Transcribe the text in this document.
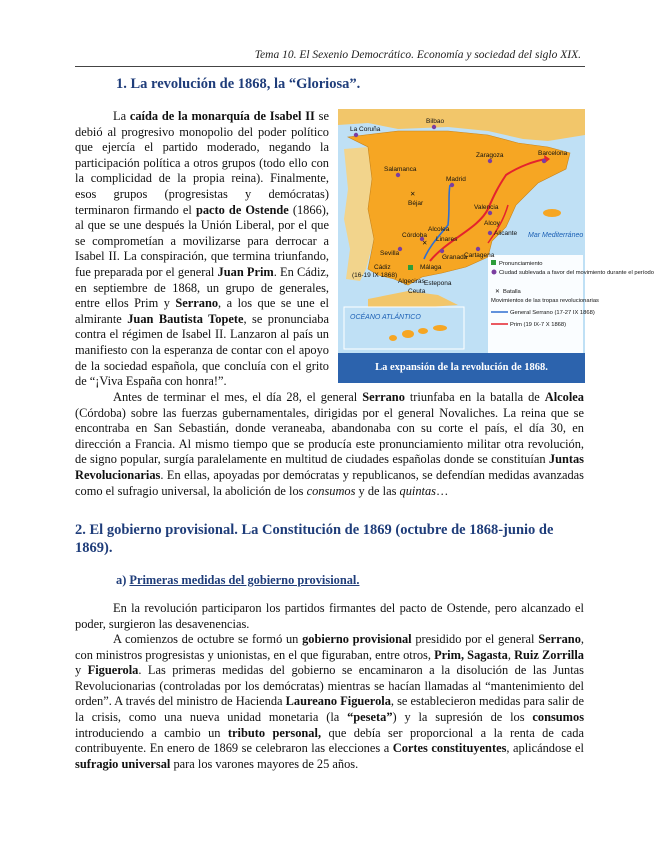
Tema 10. El Sexenio Democrático. Economía y sociedad del siglo XIX.
1. La revolución de 1868, la “Gloriosa”.
La caída de la monarquía de Isabel II se debió al progresivo monopolio del poder político que ejercía el partido moderado, negando la participación política a otros grupos (todo ello con la complicidad de la propia reina). Finalmente, esos grupos (progresistas y demócratas) terminaron firmando el pacto de Ostende (1866), al que se une después la Unión Liberal, por el que se comprometían a movilizarse para derrocar a Isabel II. La conspiración, que termina triunfando, fue preparada por el general Juan Prim. En Cádiz, en septiembre de 1868, un grupo de generales, entre ellos Prim y Serrano, a los que se une el almirante Juan Bautista Topete, se pronunciaba contra el régimen de Isabel II. Lanzaron al país un manifiesto con la esperanza de contar con el apoyo de la sociedad española, que concluía con el grito de “¡Viva España con honra!”.
Pronunciamiento
Ciudad sublevada a favor del movimiento durante el período
✕ Batalla
Movimientos de las tropas revolucionarias
General Serrano (17-27 IX 1868)
Prim (19 IX-7 X 1868)
✕
✕
La Coruña
Bilbao
Zaragoza	Barcelona
Salamanca
Madrid
Béjar
Valencia
Alcoy
Alicante
Alcolea
Córdoba
Sevilla
Linares
Granada
Cartagena
Cádiz	Málaga
Algeciras
Ceuta
Estepona
(16-19 IX 1868)
OCÉANO ATLÁNTICO
Mar Mediterráneo
La expansión de la revolución de 1868.
Antes de terminar el mes, el día 28, el general Serrano triunfaba en la batalla de Alcolea (Córdoba) sobre las fuerzas gubernamentales, dirigidas por el general Novaliches. La reina que se encontraba en San Sebastián, donde veraneaba, abandonaba con su corte el país, el día 30, en dirección a Francia. Al mismo tiempo que se producía este pronunciamiento militar otra revolución, de signo popular, surgía paralelamente en multitud de ciudades españolas donde se constituían Juntas Revolucionarias. En ellas, apoyadas por demócratas y republicanos, se defendían medidas avanzadas como el sufragio universal, la abolición de los consumos y de las quintas…
2. El gobierno provisional. La Constitución de 1869 (octubre de 1868-junio de 1869).
a) Primeras medidas del gobierno provisional.
En la revolución participaron los partidos firmantes del pacto de Ostende, pero alcanzado el poder, surgieron las desavenencias.
A comienzos de octubre se formó un gobierno provisional presidido por el general Serrano, con ministros progresistas y unionistas, en el que figuraban, entre otros, Prim, Sagasta, Ruiz Zorrilla y Figuerola. Las primeras medidas del gobierno se encaminaron a la disolución de las Juntas Revolucionarias (controladas por los demócratas) mientras se hacían llamadas al “mantenimiento del orden”. A través del ministro de Hacienda Laureano Figuerola, se establecieron medidas para salir de la crisis, como una nueva unidad monetaria (la “peseta”) y la supresión de los consumos introduciendo a cambio un tributo personal, que debía ser proporcional a la renta de cada contribuyente. En enero de 1869 se celebraron las elecciones a Cortes constituyentes, aplicándose el sufragio universal para los varones mayores de 25 años.
2
